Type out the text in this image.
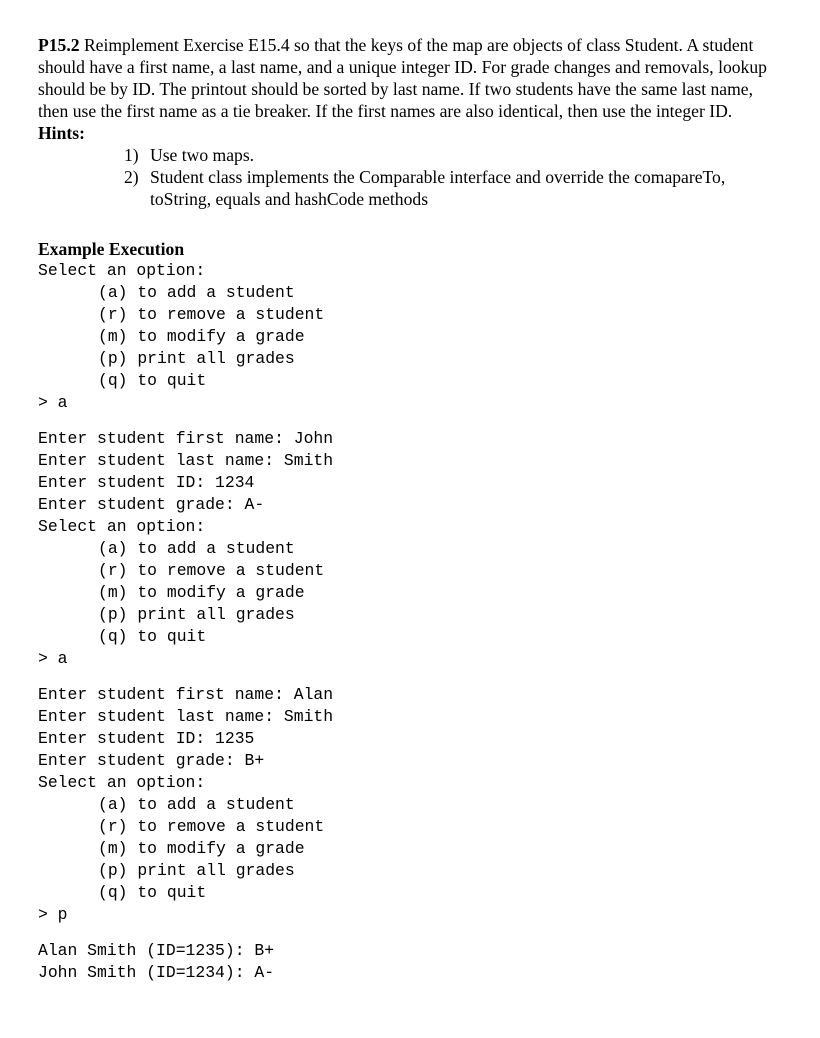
P15.2 Reimplement Exercise E15.4 so that the keys of the map are objects of class Student. A student should have a first name, a last name, and a unique integer ID. For grade changes and removals, lookup should be by ID. The printout should be sorted by last name. If two students have the same last name, then use the first name as a tie breaker. If the first names are also identical, then use the integer ID.
Hints:
1) Use two maps.
2) Student class implements the Comparable interface and override the comapareTo, toString, equals and hashCode methods
Example Execution
Select an option:
(a) to add a student
(r) to remove a student
(m) to modify a grade
(p) print all grades
(q) to quit
> a
Enter student first name: John
Enter student last name: Smith
Enter student ID: 1234
Enter student grade: A-
Select an option:
(a) to add a student
(r) to remove a student
(m) to modify a grade
(p) print all grades
(q) to quit
> a
Enter student first name: Alan
Enter student last name: Smith
Enter student ID: 1235
Enter student grade: B+
Select an option:
(a) to add a student
(r) to remove a student
(m) to modify a grade
(p) print all grades
(q) to quit
> p
Alan Smith (ID=1235): B+
John Smith (ID=1234): A-
